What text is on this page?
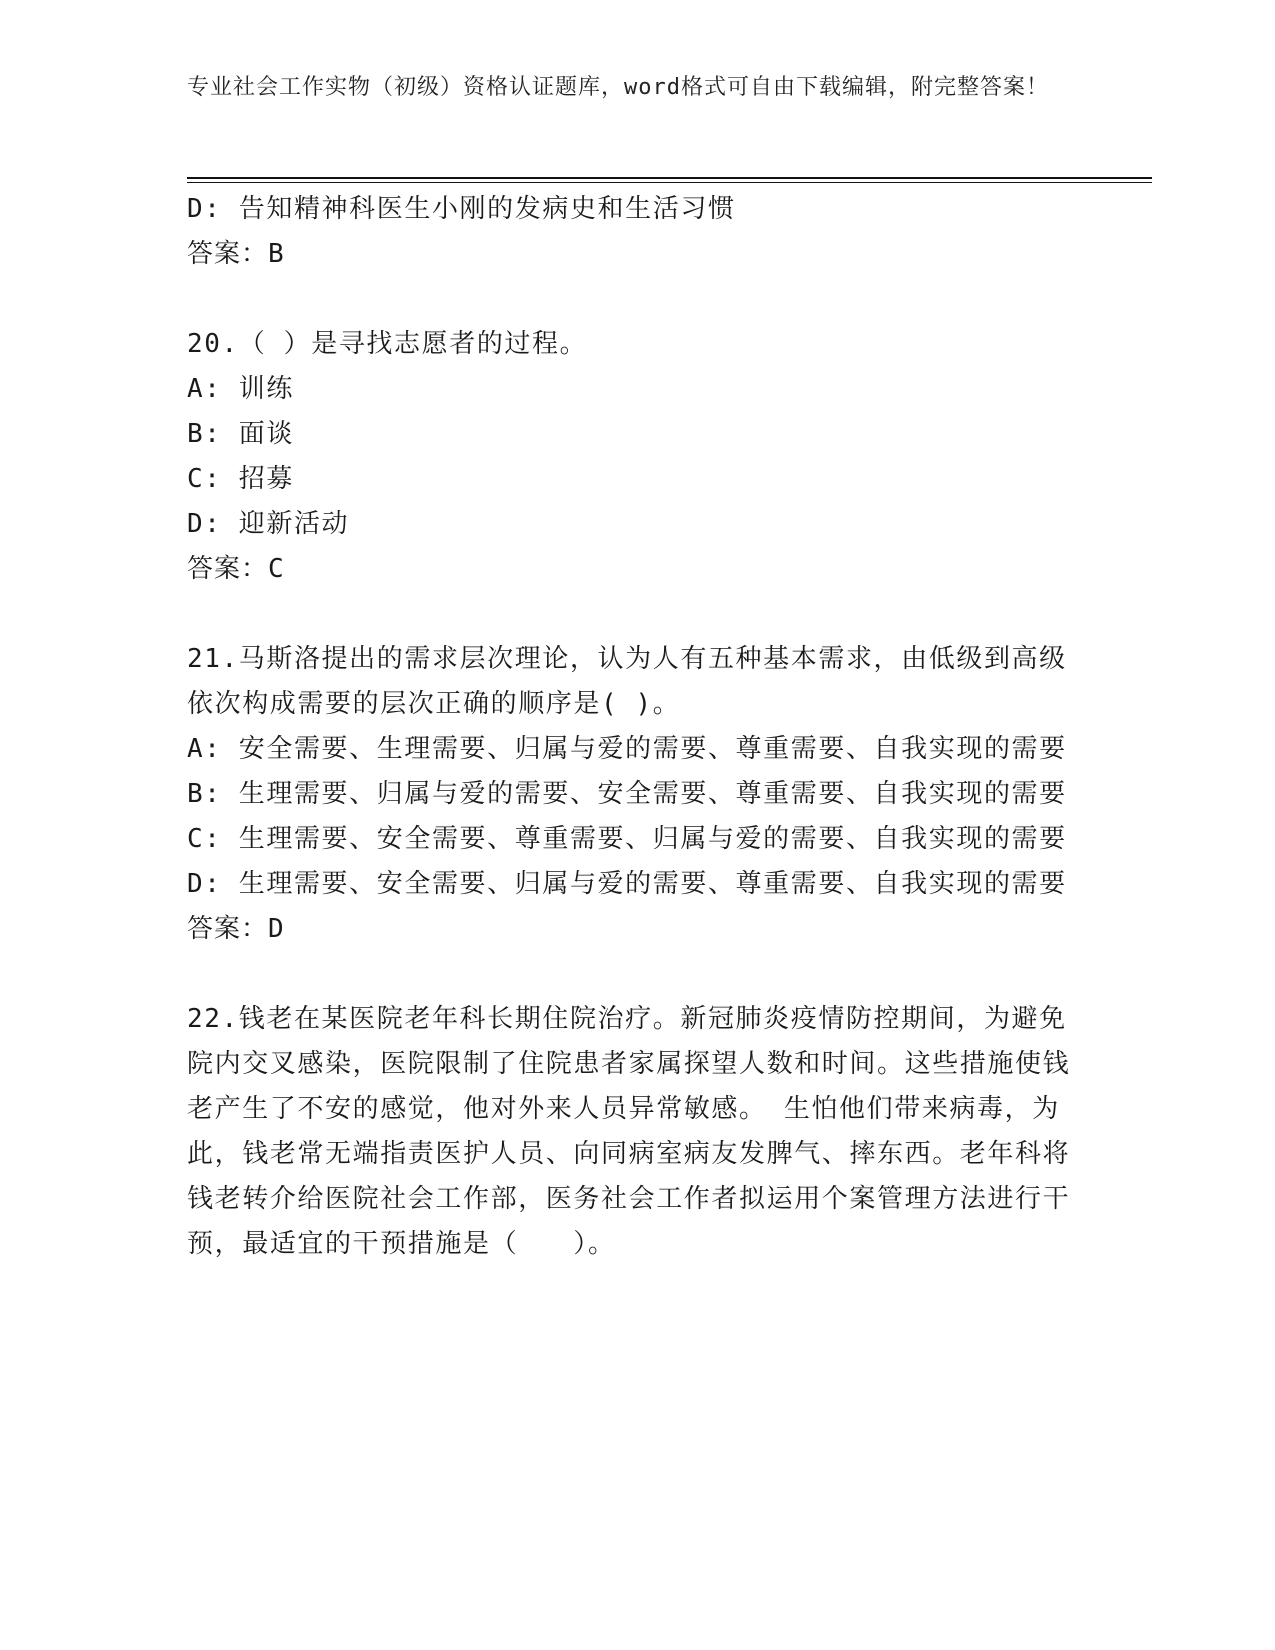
专业社会工作实物（初级）资格认证题库，word格式可自由下载编辑，附完整答案！
D: 告知精神科医生小刚的发病史和生活习惯
答案：B
20.（ ）是寻找志愿者的过程。
A: 训练
B: 面谈
C: 招募
D: 迎新活动
答案：C
21.马斯洛提出的需求层次理论，认为人有五种基本需求，由低级到高级依次构成需要的层次正确的顺序是( )。
A: 安全需要、生理需要、归属与爱的需要、尊重需要、自我实现的需要
B: 生理需要、归属与爱的需要、安全需要、尊重需要、自我实现的需要
C: 生理需要、安全需要、尊重需要、归属与爱的需要、自我实现的需要
D: 生理需要、安全需要、归属与爱的需要、尊重需要、自我实现的需要
答案：D
22.钱老在某医院老年科长期住院治疗。新冠肺炎疫情防控期间，为避免院内交叉感染，医院限制了住院患者家属探望人数和时间。这些措施使钱老产生了不安的感觉，他对外来人员异常敏感。 生怕他们带来病毒，为此，钱老常无端指责医护人员、向同病室病友发脾气、摔东西。老年科将钱老转介给医院社会工作部，医务社会工作者拟运用个案管理方法进行干预，最适宜的干预措施是（　　）。
